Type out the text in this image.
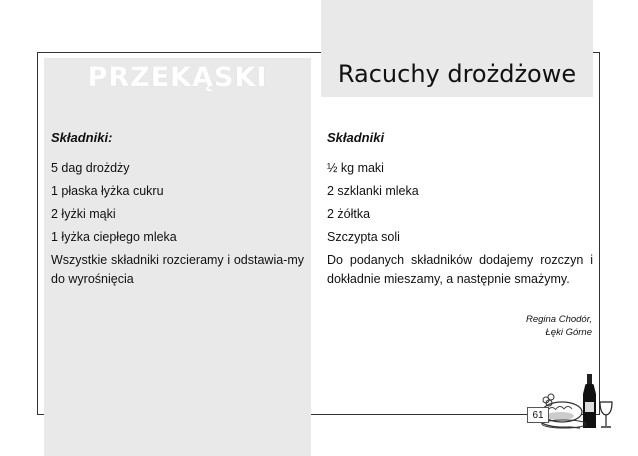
PRZEKĄSKI	Racuchy drożdżowe
Składniki:
5 dag drożdży
1 płaska łyżka cukru
2 łyżki mąki
1 łyżka ciepłego mleka
Wszystkie składniki rozcieramy i odstawia-my do wyrośnięcia
Składniki
½ kg maki
2 szklanki mleka
2 żółtka
Szczypta soli
Do podanych składników dodajemy rozczyn i dokładnie mieszamy, a następnie smażymy.
Regina Chodór,
Łęki Górne
61
